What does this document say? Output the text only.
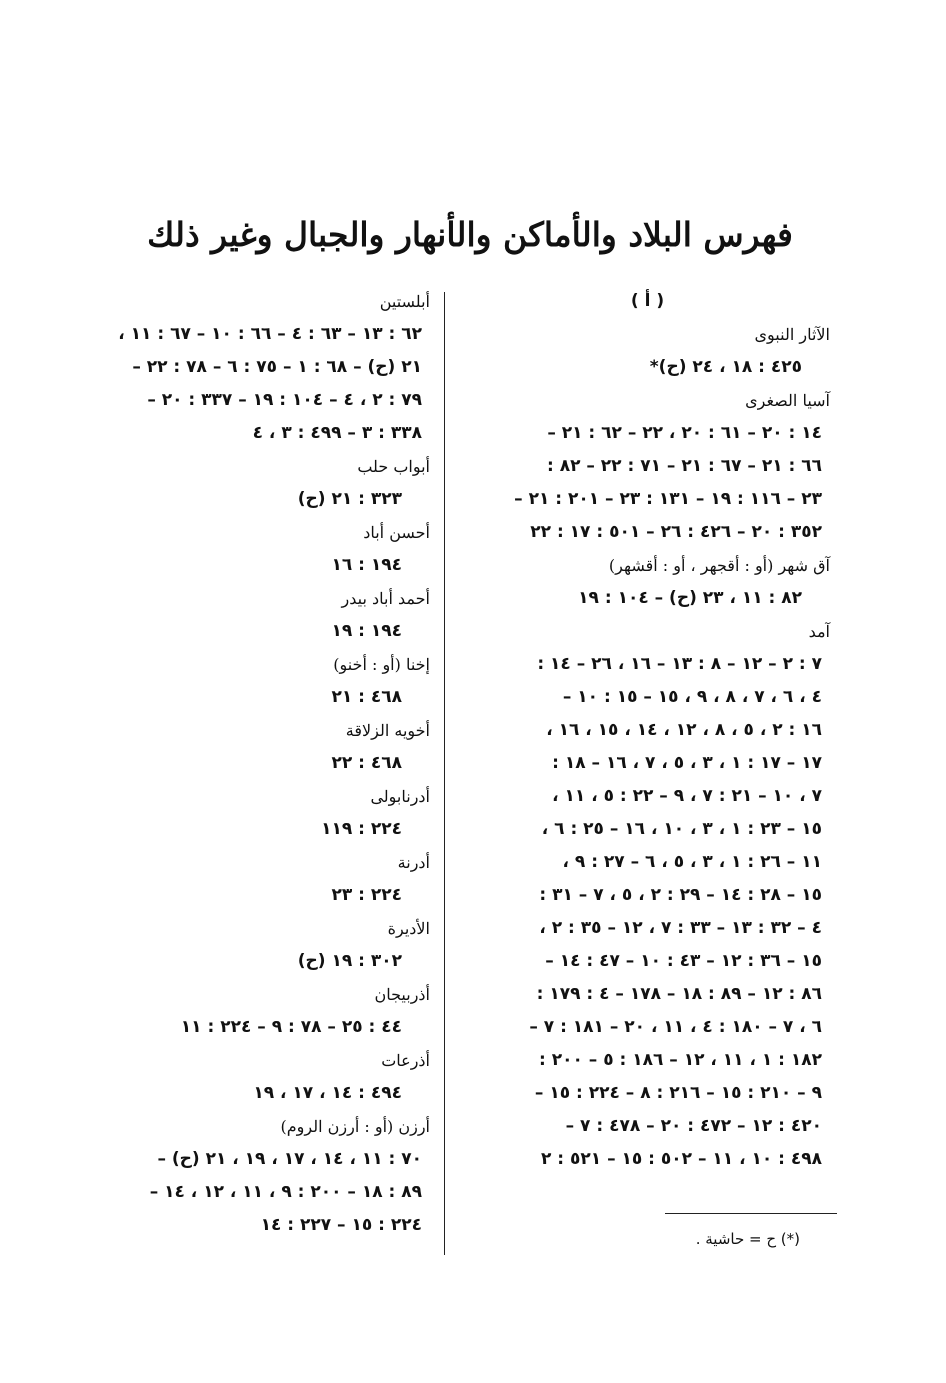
فهرس البلاد والأماكن والأنهار والجبال وغير ذلك
( أ )
الآثار النبوى
٤٢٥ : ١٨ ، ٢٤ (ح)*
آسيا الصغرى
١٤ : ٢٠ – ٦١ : ٢٠ ، ٢٢ – ٦٢ : ٢١ –
٦٦ : ٢١ – ٦٧ : ٢١ – ٧١ : ٢٢ – ٨٢ :
٢٣ – ١١٦ : ١٩ – ١٣١ : ٢٣ – ٢٠١ : ٢١ –
٣٥٢ : ٢٠ – ٤٢٦ : ٢٦ – ٥٠١ : ١٧ : ٢٢
آق شهر (أو : أقجهر ، أو : أقشهر)
٨٢ : ١١ ، ٢٣ (ح) – ١٠٤ : ١٩
آمد
٧ : ٢ – ١٢ – ٨ : ١٣ – ١٦ ، ٢٦ – ١٤ :
٤ ، ٦ ، ٧ ، ٨ ، ٩ ، ١٥ – ١٥ : ١٠ –
١٦ : ٢ ، ٥ ، ٨ ، ١٢ ، ١٤ ، ١٥ ، ١٦ ،
١٧ – ١٧ : ١ ، ٣ ، ٥ ، ٧ ، ١٦ – ١٨ :
٧ ، ١٠ – ٢١ : ٧ ، ٩ – ٢٢ : ٥ ، ١١ ،
١٥ – ٢٣ : ١ ، ٣ ، ١٠ ، ١٦ – ٢٥ : ٦ ،
١١ – ٢٦ : ١ ، ٣ ، ٥ ، ٦ – ٢٧ : ٩ ،
١٥ – ٢٨ : ١٤ – ٢٩ : ٢ ، ٥ ، ٧ – ٣١ :
٤ – ٣٢ : ١٣ – ٣٣ : ٧ ، ١٢ – ٣٥ : ٢ ،
١٥ – ٣٦ : ١٢ – ٤٣ : ١٠ – ٤٧ : ١٤ –
٨٦ : ١٢ – ٨٩ : ١٨ – ١٧٨ – ٤ : ١٧٩ :
٦ ، ٧ – ١٨٠ : ٤ ، ١١ ، ٢٠ – ١٨١ : ٧ –
١٨٢ : ١ ، ١١ ، ١٢ – ١٨٦ : ٥ – ٢٠٠ :
٩ – ٢١٠ : ١٥ – ٢١٦ : ٨ – ٢٢٤ : ١٥ –
٤٢٠ : ١٢ – ٤٧٢ : ٢٠ – ٤٧٨ : ٧ –
٤٩٨ : ١٠ ، ١١ – ٥٠٢ : ١٥ – ٥٢١ : ٢
أبلستين
٦٢ : ١٣ – ٦٣ : ٤ – ٦٦ : ١٠ – ٦٧ : ١١ ،
٢١ (ح) – ٦٨ : ١ – ٧٥ : ٦ – ٧٨ : ٢٢ –
٧٩ : ٢ ، ٤ – ١٠٤ : ١٩ – ٣٣٧ : ٢٠ –
٣٣٨ : ٣ – ٤٩٩ : ٣ ، ٤
أبواب حلب
٣٢٣ : ٢١ (ح)
أحسن أباد
١٩٤ : ١٦
أحمد أباد بيدر
١٩٤ : ١٩
إخنا (أو : أخنو)
٤٦٨ : ٢١
أخويه الزلاقة
٤٦٨ : ٢٢
أدرنابولى
٢٢٤ : ١١٩
أدرنة
٢٢٤ : ٢٣
الأديرة
٣٠٢ : ١٩ (ح)
أذربيجان
٤٤ : ٢٥ – ٧٨ : ٩ – ٢٢٤ : ١١
أذرعات
٤٩٤ : ١٤ ، ١٧ ، ١٩
أرزن (أو : أرزن الروم)
٧٠ : ١١ ، ١٤ ، ١٧ ، ١٩ ، ٢١ (ح) –
٨٩ : ١٨ – ٢٠٠ : ٩ ، ١١ ، ١٢ ، ١٤ –
٢٢٤ : ١٥ – ٢٢٧ : ١٤
(*) ح = حاشية .
